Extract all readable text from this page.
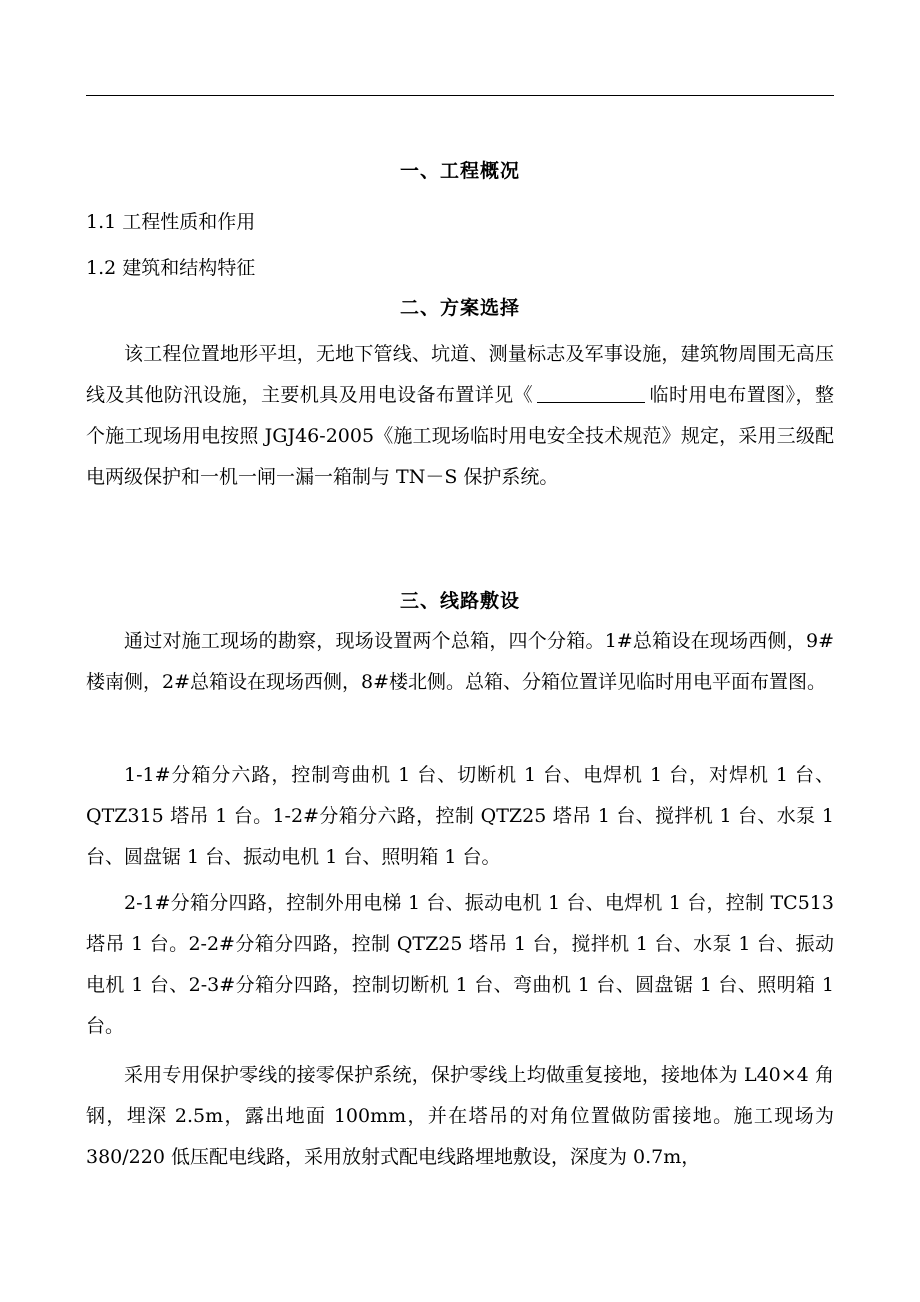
一、工程概况
1.1 工程性质和作用
1.2 建筑和结构特征
二、方案选择

该工程位置地形平坦，无地下管线、坑道、测量标志及军事设施，建筑物周围无高压线及其他防汛设施，主要机具及用电设备布置详见《	临时用电布置图》，整个施工现场用电按照 JGJ46-2005《施工现场临时用电安全技术规范》规定，采用三级配电两级保护和一机一闸一漏一箱制与 TN－S 保护系统。

三、线路敷设

通过对施工现场的勘察，现场设置两个总箱，四个分箱。1#总箱设在现场西侧，9#楼南侧，2#总箱设在现场西侧，8#楼北侧。总箱、分箱位置详见临时用电平面布置图。

1-1#分箱分六路，控制弯曲机 1 台、切断机 1 台、电焊机 1 台，对焊机 1 台、QTZ315 塔吊 1 台。1-2#分箱分六路，控制 QTZ25 塔吊 1 台、搅拌机 1 台、水泵 1 台、圆盘锯 1 台、振动电机 1 台、照明箱 1 台。

2-1#分箱分四路，控制外用电梯 1 台、振动电机 1 台、电焊机 1 台，控制 TC513 塔吊 1 台。2-2#分箱分四路，控制 QTZ25 塔吊 1 台，搅拌机 1 台、水泵 1 台、振动电机 1 台、2-3#分箱分四路，控制切断机 1 台、弯曲机 1 台、圆盘锯 1 台、照明箱 1 台。

采用专用保护零线的接零保护系统，保护零线上均做重复接地，接地体为 L40×4 角钢，埋深 2.5m，露出地面 100mm，并在塔吊的对角位置做防雷接地。施工现场为 380/220 低压配电线路，采用放射式配电线路埋地敷设，深度为 0.7m，
